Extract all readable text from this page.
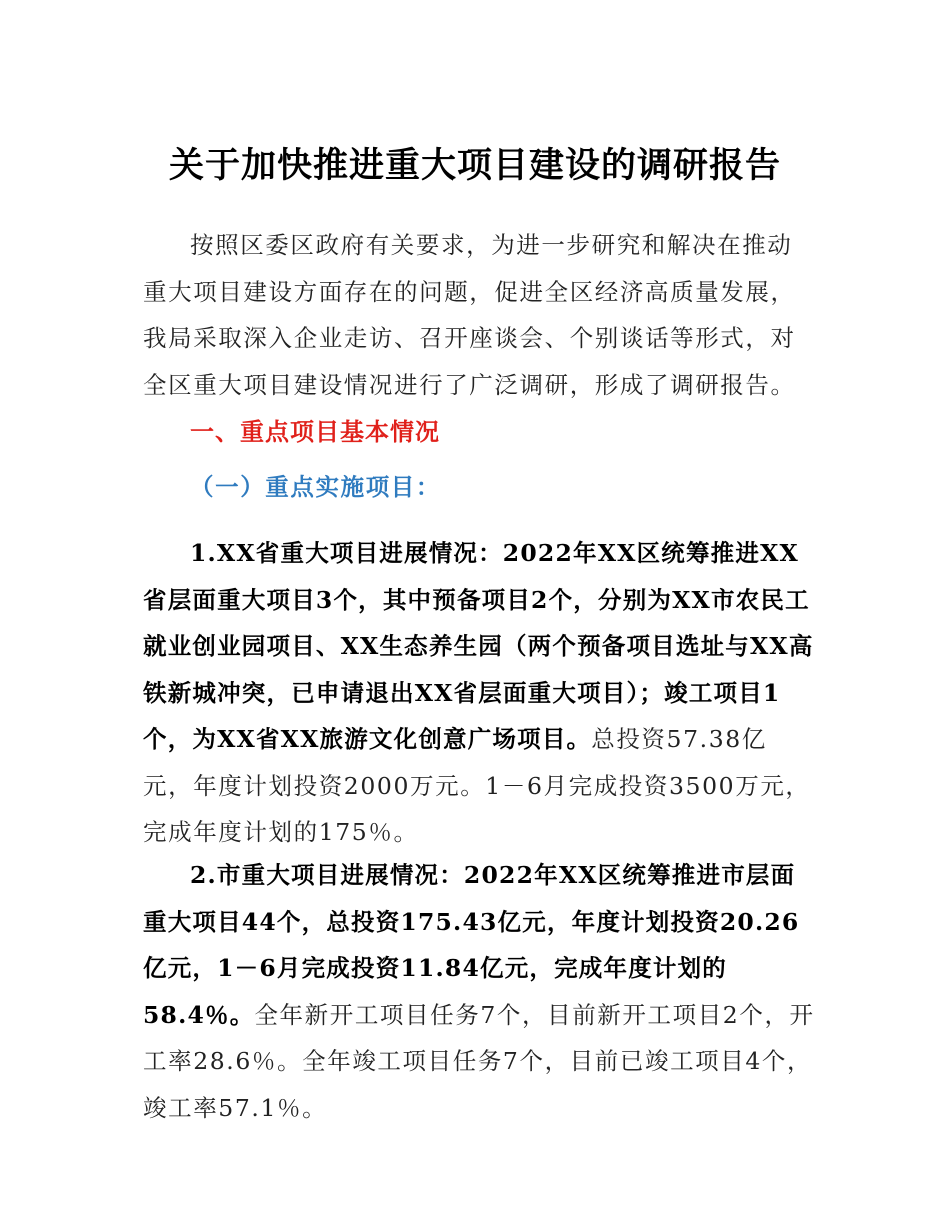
关于加快推进重大项目建设的调研报告

按照区委区政府有关要求，为进一步研究和解决在推动重大项目建设方面存在的问题，促进全区经济高质量发展，我局采取深入企业走访、召开座谈会、个别谈话等形式，对全区重大项目建设情况进行了广泛调研，形成了调研报告。

一、重点项目基本情况
（一）重点实施项目：

1.XX省重大项目进展情况：2022年XX区统筹推进XX省层面重大项目3个，其中预备项目2个，分别为XX市农民工就业创业园项目、XX生态养生园（两个预备项目选址与XX高铁新城冲突，已申请退出XX省层面重大项目）；竣工项目1个，为XX省XX旅游文化创意广场项目。总投资57.38亿元，年度计划投资2000万元。1－6月完成投资3500万元，完成年度计划的175％。

2.市重大项目进展情况：2022年XX区统筹推进市层面重大项目44个，总投资175.43亿元，年度计划投资20.26亿元，1－6月完成投资11.84亿元，完成年度计划的58.4％。全年新开工项目任务7个，目前新开工项目2个，开工率28.6％。全年竣工项目任务7个，目前已竣工项目4个，竣工率57.1％。
